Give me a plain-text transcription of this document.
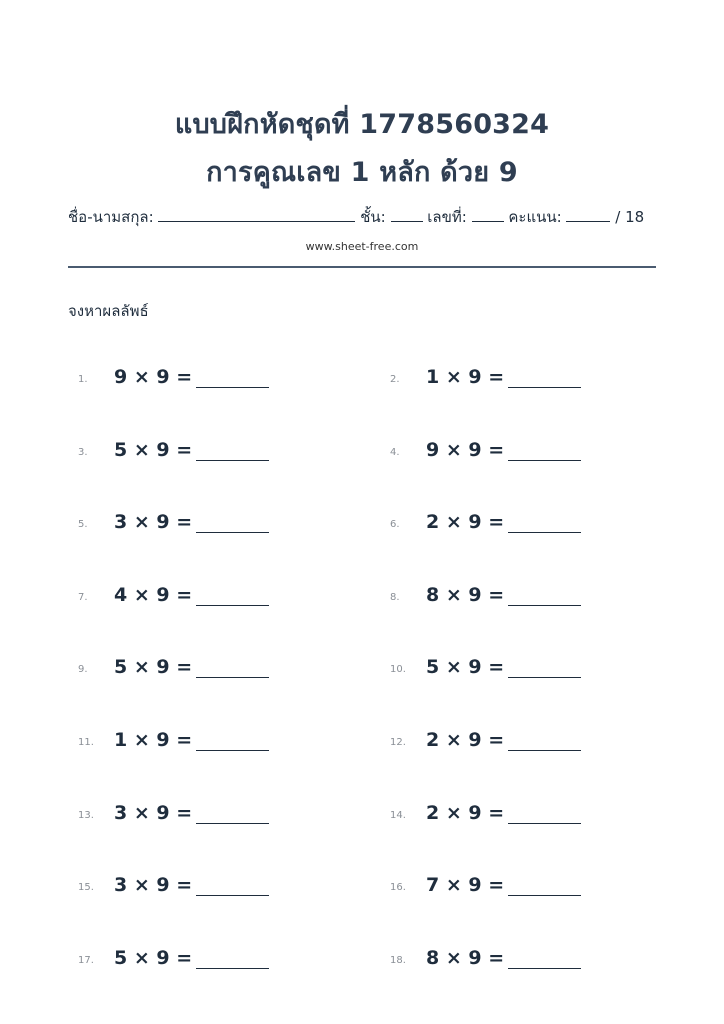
แบบฝึกหัดชุดที่ 1778560324
การคูณเลข 1 หลัก ด้วย 9
ชื่อ-นามสกุล:	ชั้น:	เลขที่:	คะแนน:	/ 18
www.sheet-free.com
จงหาผลลัพธ์
1. 9 × 9 =	2. 1 × 9 =
3. 5 × 9 =	4. 9 × 9 =
5. 3 × 9 =	6. 2 × 9 =
7. 4 × 9 =	8. 8 × 9 =
9. 5 × 9 =	10. 5 × 9 =
11. 1 × 9 =	12. 2 × 9 =
13. 3 × 9 =	14. 2 × 9 =
15. 3 × 9 =	16. 7 × 9 =
17. 5 × 9 =	18. 8 × 9 =
